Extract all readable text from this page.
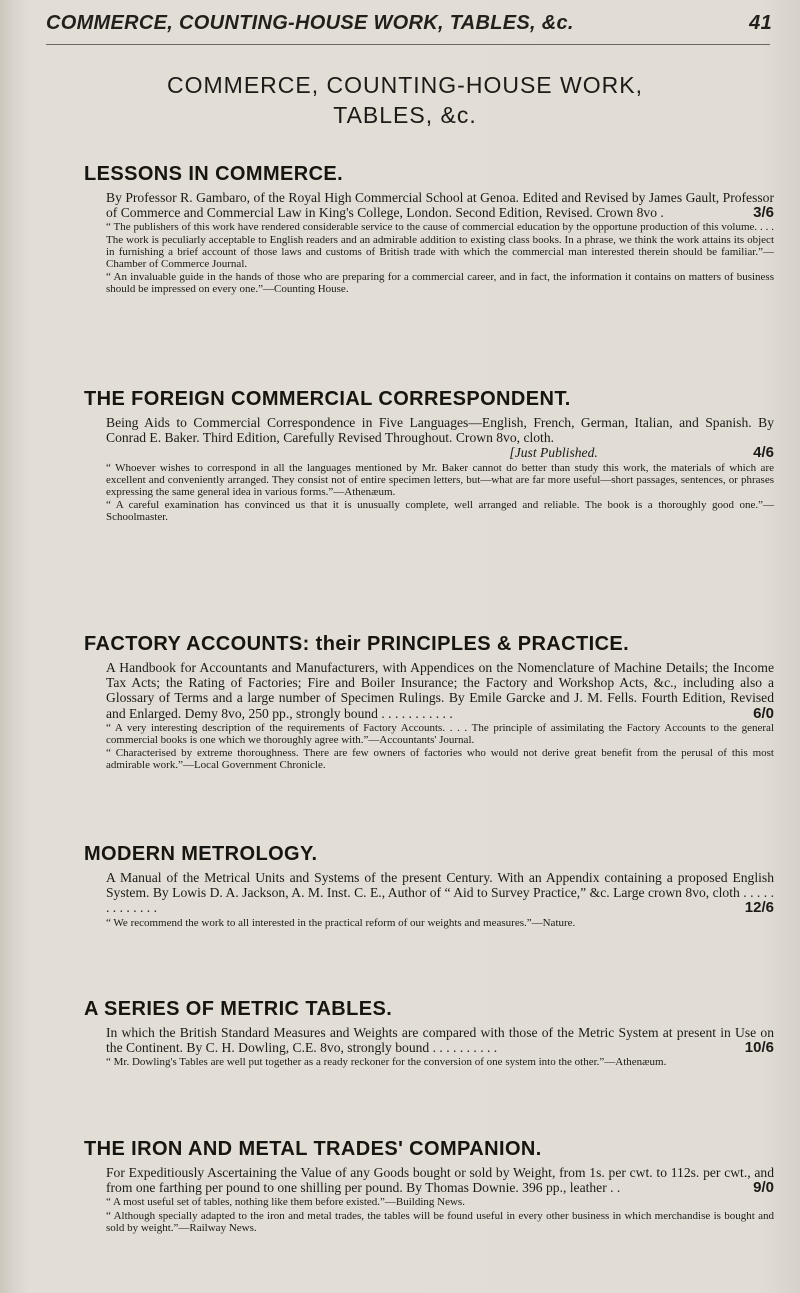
COMMERCE, COUNTING-HOUSE WORK, TABLES, &c.	41
COMMERCE, COUNTING-HOUSE WORK,
TABLES, &c.
LESSONS IN COMMERCE.

By Professor R. Gambaro, of the Royal High Commercial School at Genoa. Edited and Revised by James Gault, Professor of Commerce and Commercial Law in King's College, London. Second Edition, Revised. Crown 8vo .	3/6

“ The publishers of this work have rendered considerable service to the cause of commercial education by the opportune production of this volume. . . . The work is peculiarly acceptable to English readers and an admirable addition to existing class books. In a phrase, we think the work attains its object in furnishing a brief account of those laws and customs of British trade with which the commercial man interested therein should be familiar.”—Chamber of Commerce Journal.

“ An invaluable guide in the hands of those who are preparing for a commercial career, and in fact, the information it contains on matters of business should be impressed on every one.”—Counting House.

THE FOREIGN COMMERCIAL CORRESPONDENT.

Being Aids to Commercial Correspondence in Five Languages—English, French, German, Italian, and Spanish. By Conrad E. Baker. Third Edition, Carefully Revised Throughout. Crown 8vo, cloth.
[Just Published.	4/6

“ Whoever wishes to correspond in all the languages mentioned by Mr. Baker cannot do better than study this work, the materials of which are excellent and conveniently arranged. They consist not of entire specimen letters, but—what are far more useful—short passages, sentences, or phrases expressing the same general idea in various forms.”—Athenæum.

“ A careful examination has convinced us that it is unusually complete, well arranged and reliable. The book is a thoroughly good one.”—Schoolmaster.

FACTORY ACCOUNTS: their PRINCIPLES & PRACTICE.

A Handbook for Accountants and Manufacturers, with Appendices on the Nomenclature of Machine Details; the Income Tax Acts; the Rating of Factories; Fire and Boiler Insurance; the Factory and Workshop Acts, &c., including also a Glossary of Terms and a large number of Specimen Rulings. By Emile Garcke and J. M. Fells. Fourth Edition, Revised and Enlarged. Demy 8vo, 250 pp., strongly bound . . . . . . . . . . .	6/0

“ A very interesting description of the requirements of Factory Accounts. . . . The principle of assimilating the Factory Accounts to the general commercial books is one which we thoroughly agree with.”—Accountants' Journal.

“ Characterised by extreme thoroughness. There are few owners of factories who would not derive great benefit from the perusal of this most admirable work.”—Local Government Chronicle.

MODERN METROLOGY.

A Manual of the Metrical Units and Systems of the present Century. With an Appendix containing a proposed English System. By Lowis D. A. Jackson, A. M. Inst. C. E., Author of “ Aid to Survey Practice,” &c. Large crown 8vo, cloth . . . . . . . . . . . . .	12/6

“ We recommend the work to all interested in the practical reform of our weights and measures.”—Nature.

A SERIES OF METRIC TABLES.

In which the British Standard Measures and Weights are compared with those of the Metric System at present in Use on the Continent. By C. H. Dowling, C.E. 8vo, strongly bound . . . . . . . . . .	10/6

“ Mr. Dowling's Tables are well put together as a ready reckoner for the conversion of one system into the other.”—Athenæum.

THE IRON AND METAL TRADES' COMPANION.

For Expeditiously Ascertaining the Value of any Goods bought or sold by Weight, from 1s. per cwt. to 112s. per cwt., and from one farthing per pound to one shilling per pound. By Thomas Downie. 396 pp., leather . .	9/0

“ A most useful set of tables, nothing like them before existed.”—Building News.

“ Although specially adapted to the iron and metal trades, the tables will be found useful in every other business in which merchandise is bought and sold by weight.”—Railway News.
